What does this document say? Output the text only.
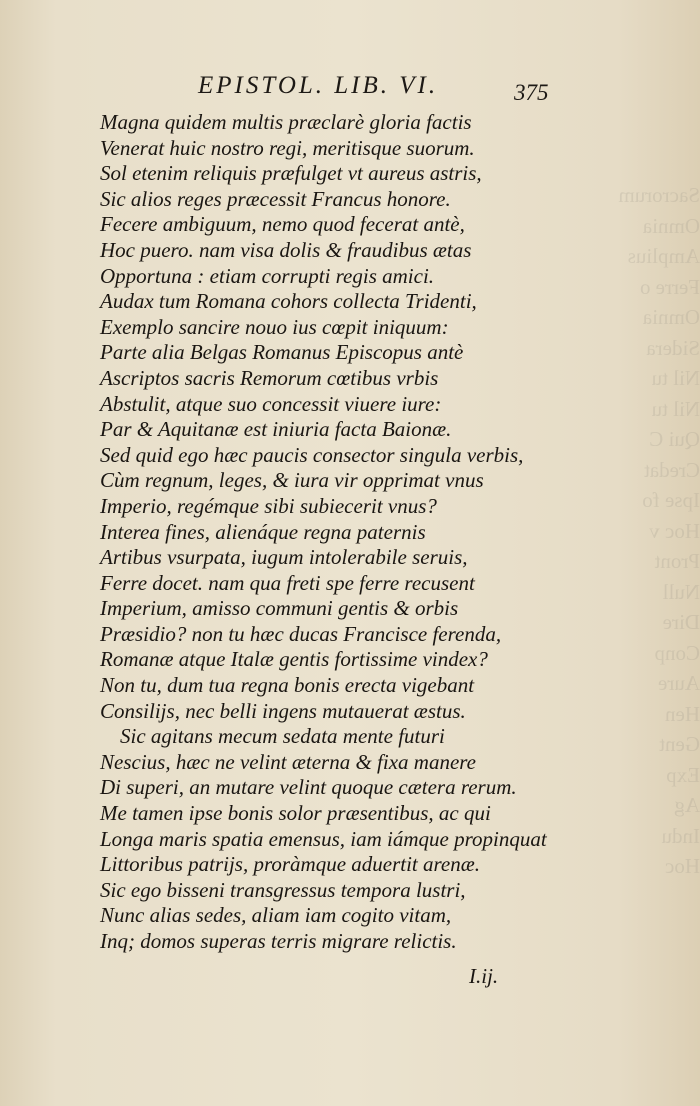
Sacrorum
Omnia
Amplius
Ferre o
Omnia
Sidera
Nil tu
Nil tu
Qui C
Credat
Ipse fo
Hoc v
Pront
Null
Dire
Conp
Aure
Hen
Gent
Exp
Ag
Indu
Hoc
EPISTOL. LIB. VI.	375
Magna quidem multis præclarè gloria factis
Venerat huic nostro regi, meritisque suorum.
Sol etenim reliquis præfulget vt aureus astris,
Sic alios reges præcessit Francus honore.
Fecere ambiguum, nemo quod fecerat antè,
Hoc puero. nam visa dolis & fraudibus ætas
Opportuna : etiam corrupti regis amici.
Audax tum Romana cohors collecta Tridenti,
Exemplo sancire nouo ius cœpit iniquum:
Parte alia Belgas Romanus Episcopus antè
Ascriptos sacris Remorum cœtibus vrbis
Abstulit, atque suo concessit viuere iure:
Par & Aquitanæ est iniuria facta Baionæ.
Sed quid ego hæc paucis consector singula verbis,
Cùm regnum, leges, & iura vir opprimat vnus
Imperio, regémque sibi subiecerit vnus?
Interea fines, alienáque regna paternis
Artibus vsurpata, iugum intolerabile seruis,
Ferre docet. nam qua freti spe ferre recusent
Imperium, amisso communi gentis & orbis
Præsidio? non tu hæc ducas Francisce ferenda,
Romanæ atque Italæ gentis fortissime vindex?
Non tu, dum tua regna bonis erecta vigebant
Consilijs, nec belli ingens mutauerat æstus.
Sic agitans mecum sedata mente futuri
Nescius, hæc ne velint æterna & fixa manere
Di superi, an mutare velint quoque cætera rerum.
Me tamen ipse bonis solor præsentibus, ac qui
Longa maris spatia emensus, iam iámque propinquat
Littoribus patrijs, proràmque aduertit arenæ.
Sic ego bisseni transgressus tempora lustri,
Nunc alias sedes, aliam iam cogito vitam,
Inq; domos superas terris migrare relictis.
I.ij.
